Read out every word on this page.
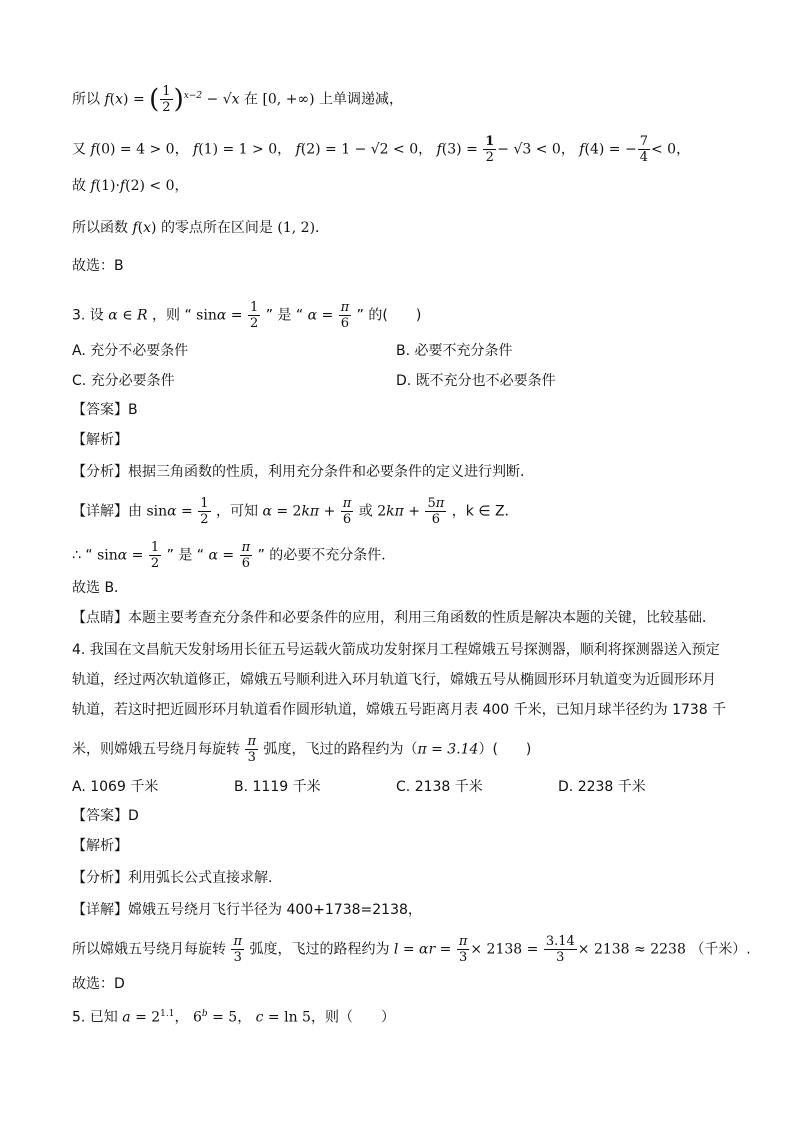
所以 f(x) = ( $\frac{1}{2} )^{x-2} - √x$ 在 [0, +∞) 上单调递减，
又 f(0) = 4 > 0， f(1) = 1 > 0， f(2) = 1 − √2 < 0， $f(3) = \frac{1}{2} - √3 < 0$， f(4) = − $\frac{7}{4} < 0$，
故 f(1)·f(2) < 0，
所以函数 f(x) 的零点所在区间是 (1, 2)．
故选：B
3. 设 α ∈ R ，则 “ $\sin\alpha = \frac{1}{2}$ ” 是 “ $\alpha = \frac{\pi}{6}$ ” 的(　　)
A. 充分不必要条件	B. 必要不充分条件
C. 充分必要条件	D. 既不充分也不必要条件
【答案】B
【解析】
【分析】根据三角函数的性质，利用充分条件和必要条件的定义进行判断．
【详解】由 $\sin\alpha = \frac{1}{2}$ ，可知 $\alpha = 2k\pi + \frac{\pi}{6}$ 或 $2k\pi + \frac{5\pi}{6}$ ，k ∈ Z．
∴ “ $\sin\alpha = \frac{1}{2}$ ” 是 “ $\alpha = \frac{\pi}{6}$ ” 的必要不充分条件．
故选 B．
【点睛】本题主要考查充分条件和必要条件的应用，利用三角函数的性质是解决本题的关键，比较基础．
4. 我国在文昌航天发射场用长征五号运载火箭成功发射探月工程嫦娥五号探测器，顺利将探测器送入预定
轨道，经过两次轨道修正，嫦娥五号顺利进入环月轨道飞行，嫦娥五号从椭圆形环月轨道变为近圆形环月
轨道，若这时把近圆形环月轨道看作圆形轨道，嫦娥五号距离月表 400 千米，已知月球半径约为 1738 千
米，则嫦娥五号绕月每旋转 $\frac{\pi}{3}$ 弧度，飞过的路程约为（π = 3.14）(　　)
A. 1069 千米	B. 1119 千米	C. 2138 千米	D. 2238 千米
【答案】D
【解析】
【分析】利用弧长公式直接求解.
【详解】嫦娥五号绕月飞行半径为 400+1738=2138，
所以嫦娥五号绕月每旋转 $\frac{\pi}{3}$ 弧度，飞过的路程约为 $l = \alpha r = \frac{\pi}{3} \times 2138 = \frac{3.14}{3} \times 2138 \approx 2238$ （千米）.
故选：D
5. 已知 $a = 2^{1.1}$， $6^b = 5$， c = ln 5，则（　　）
